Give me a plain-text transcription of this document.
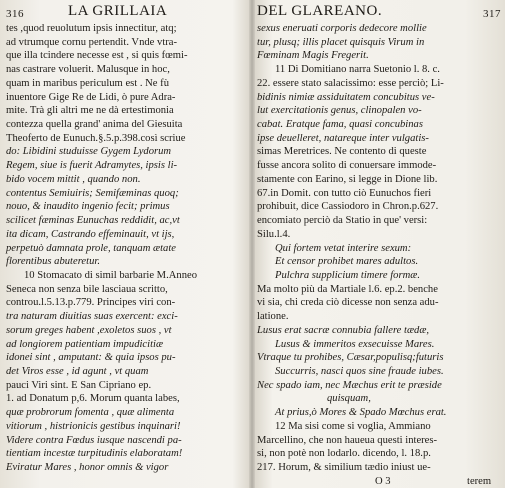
316	LA GRILLAIA
tes ,quod reuolutum ipsis innectitur, atq;
ad vtrumque cornu pertendit. Vnde vtra-
que illa tcindere necesse est , si quis fœmi-
nas castrare voluerit. Malusque in hoc,
quam in maribus periculum est . Ne fù
inuentore Gige Re de Lidi, ò pure Adra-
mite. Trà gli altri me ne dà ertestimonia
contezza quella grand' anima del Giesuita
Theoferto de Eunuch.§.5.p.398.così scriue
do: Libidini studuisse Gygem Lydorum
Regem, siue is fuerit Adramytes, ipsis li-
bido vocem mittit , quando non.
contentus Semiuiris; Semifæminas quoq;
nouo, & inaudito ingenio fecit; primus
scilicet fæminas Eunuchas reddidit, ac,vt
ita dicam, Castrando effeminauit, vt ijs,
perpetuò damnata prole, tanquam ætate
florentibus abuteretur.
10 Stomacato di simil barbarie M.Anneo
Seneca non senza bile lasciaua scritto,
controu.l.5.13.p.779. Principes viri con-
tra naturam diuitias suas exercent: exci-
sorum greges habent ,exoletos suos , vt
ad longiorem patientiam impudicitiæ
idonei sint , amputant: & quia ipsos pu-
det Viros esse , id agunt , vt quam
pauci Viri sint. E San Cipriano ep.
1. ad Donatum p,6. Morum quanta labes,
quæ probrorum fomenta , quæ alimenta
vitiorum , histrionicis gestibus inquinari!
Videre contra Fœdus iusque nascendi pa-
tientiam incestæ turpitudinis elaboratam!
Eviratur Mares , honor omnis & vigor
DEL GLAREANO.	317
sexus eneruati corporis dedecore mollie
tur, plusq; illis placet quisquis Virum in
Fœminam Magis Fregerit.
11 Di Domitiano narra Suetonio l. 8. c.
22. essere stato salacissimo: esse perciò; Li-
bidinis nimiæ assiduitatem concubitus ve-
lut exercitationis genus, clinopalen vo-
cabat. Eratque fama, quasi concubinas
ipse deuelleret, natareque inter vulgatis-
simas Meretrices. Ne contento di queste
fusse ancora solito di conuersare immode-
stamente con Earino, si legge in Dione lib.
67.in Domit. con tutto ciò Eunuchos fieri
prohibuit, dice Cassiodoro in Chron.p.627.
encomiato perciò da Statio in que' versi:
Silu.l.4.
Qui fortem vetat interire sexum:
Et censor prohibet mares adultos.
Pulchra supplicium timere formæ.
Ma molto più da Martiale l.6. ep.2. benche
vi sia, chi creda ciò dicesse non senza adu-
latione.
Lusus erat sacræ connubia fallere tædæ,
Lusus & immeritos exsecuisse Mares.
Vtraque tu prohibes, Cæsar,populisq;futuris
Succurris, nasci quos sine fraude iubes.
Nec spado iam, nec Mæchus erit te præside
quisquam,
At prius,ò Mores & Spado Mœchus erat.
12 Ma sisi come si voglia, Ammiano
Marcellino, che non haueua questi interes-
si, non potè non lodarlo. dicendo, l. 18.p.
217. Horum, & similium tædio iniust ue-
O 3	terem
